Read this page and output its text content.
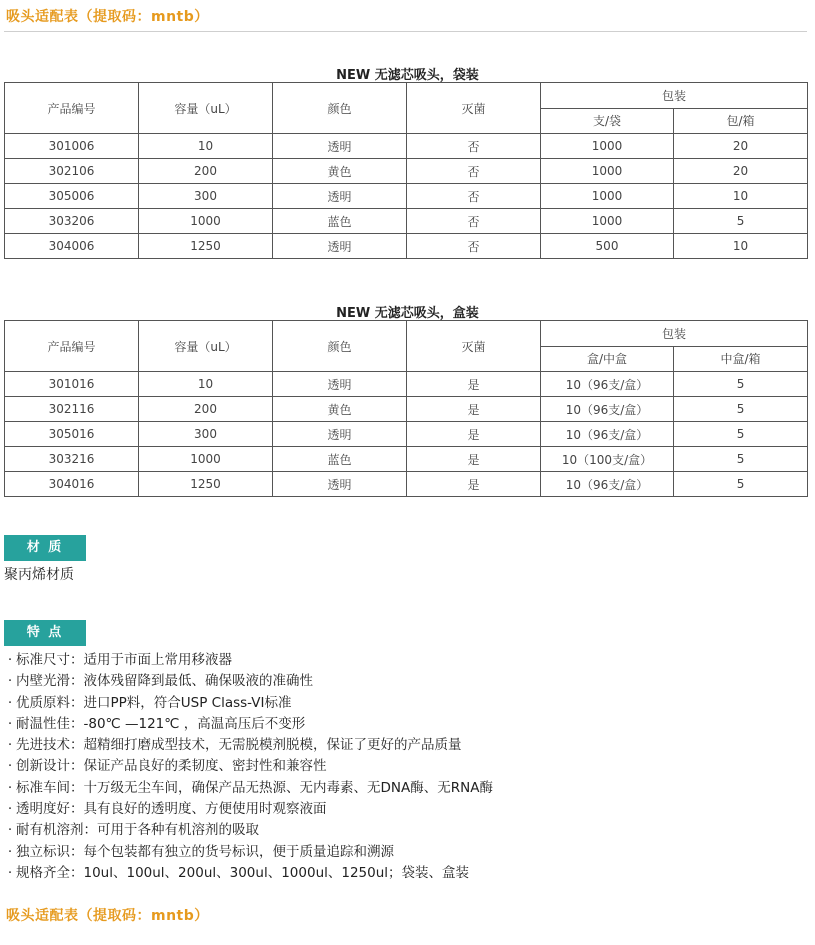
吸头适配表（提取码：mntb）
NEW 无滤芯吸头，袋装
产品编号	容量（uL）	颜色	灭菌	包装	
				支/袋	包/箱
301006	10	透明	否	1000	20
302106	200	黄色	否	1000	20
305006	300	透明	否	1000	10
303206	1000	蓝色	否	1000	5
304006	1250	透明	否	500	10
NEW 无滤芯吸头，盒装
产品编号	容量（uL）	颜色	灭菌	包装	
				盒/中盒	中盒/箱
301016	10	透明	是	10（96支/盒）	5
302116	200	黄色	是	10（96支/盒）	5
305016	300	透明	是	10（96支/盒）	5
303216	1000	蓝色	是	10（100支/盒）	5
304016	1250	透明	是	10（96支/盒）	5
材 质
聚丙烯材质
特 点
· 标准尺寸：适用于市面上常用移液器
· 内壁光滑：液体残留降到最低、确保吸液的准确性
· 优质原料：进口PP料，符合USP Class-VI标准
· 耐温性佳：-80℃ —121℃ ，高温高压后不变形
· 先进技术：超精细打磨成型技术，无需脱模剂脱模，保证了更好的产品质量
· 创新设计：保证产品良好的柔韧度、密封性和兼容性
· 标准车间：十万级无尘车间，确保产品无热源、无内毒素、无DNA酶、无RNA酶
· 透明度好：具有良好的透明度、方便使用时观察液面
· 耐有机溶剂：可用于各种有机溶剂的吸取
· 独立标识：每个包装都有独立的货号标识，便于质量追踪和溯源
· 规格齐全：10ul、100ul、200ul、300ul、1000ul、1250ul；袋装、盒装
吸头适配表（提取码：mntb）
